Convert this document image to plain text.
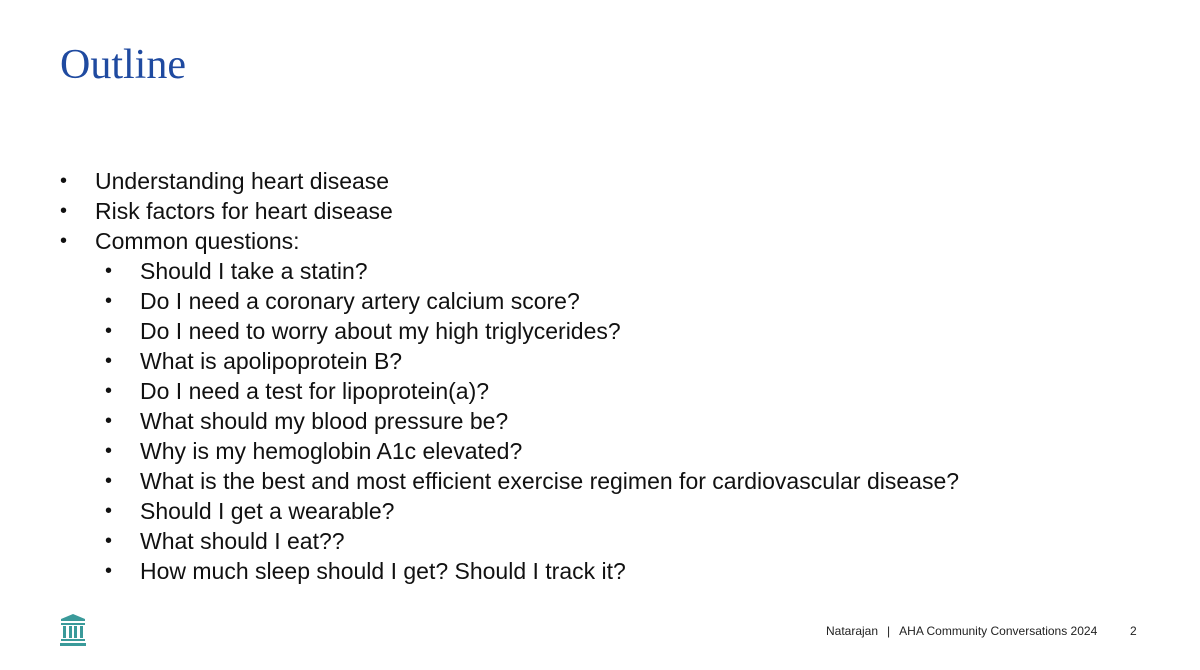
Outline
• Understanding heart disease
• Risk factors for heart disease
• Common questions:
• Should I take a statin?
• Do I need a coronary artery calcium score?
• Do I need to worry about my high triglycerides?
• What is apolipoprotein B?
• Do I need a test for lipoprotein(a)?
• What should my blood pressure be?
• Why is my hemoglobin A1c elevated?
• What is the best and most efficient exercise regimen for cardiovascular disease?
• Should I get a wearable?
• What should I eat??
• How much sleep should I get? Should I track it?
Natarajan | AHA Community Conversations 2024	2
